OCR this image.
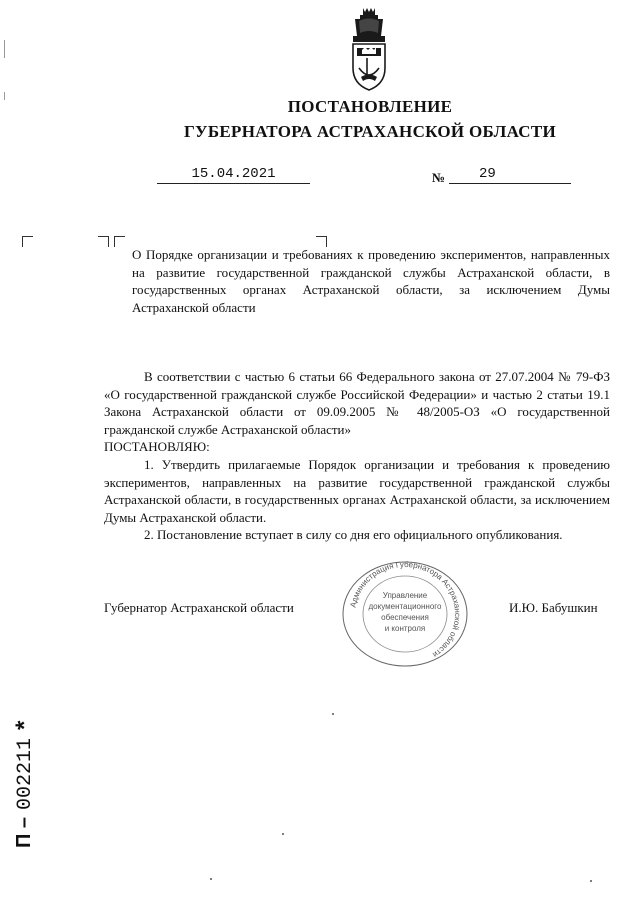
ПОСТАНОВЛЕНИЕ
ГУБЕРНАТОРА АСТРАХАНСКОЙ ОБЛАСТИ
15.04.2021	№	29
О Порядке организации и требованиях к проведению экспериментов, направленных на развитие государственной гражданской службы Астраханской области, в государственных органах Астраханской области, за исключением Думы Астраханской области

В соответствии с частью 6 статьи 66 Федерального закона от 27.07.2004 № 79-ФЗ «О государственной гражданской службе Российской Федерации» и частью 2 статьи 19.1 Закона Астраханской области от 09.09.2005 № 48/2005-ОЗ «О государственной гражданской службе Астраханской области»

ПОСТАНОВЛЯЮ:

1. Утвердить прилагаемые Порядок организации и требования к проведению экспериментов, направленных на развитие государственной гражданской службы Астраханской области, в государственных органах Астраханской области, за исключением Думы Астраханской области.

2. Постановление вступает в силу со дня его официального опубликования.

Губернатор Астраханской области	И.Ю. Бабушкин
Администрация Губернатора Астраханской области
Управление
документационного
обеспечения
и контроля
П –
002211
*
